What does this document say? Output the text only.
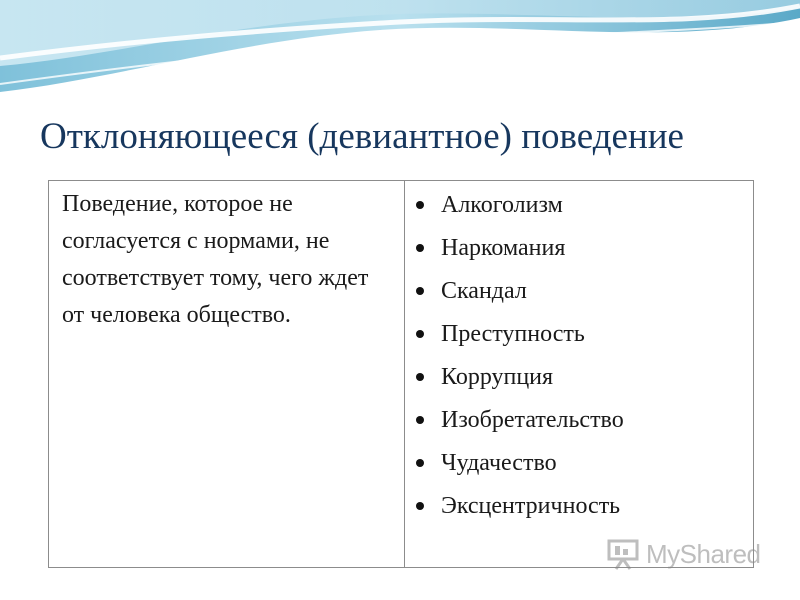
Отклоняющееся (девиантное) поведение

Поведение, которое не согласуется с нормами, не соответствует тому, чего ждет от человека общество.

Алкоголизм
Наркомания
Скандал
Преступность
Коррупция
Изобретательство
Чудачество
Эксцентричность
MyShared
